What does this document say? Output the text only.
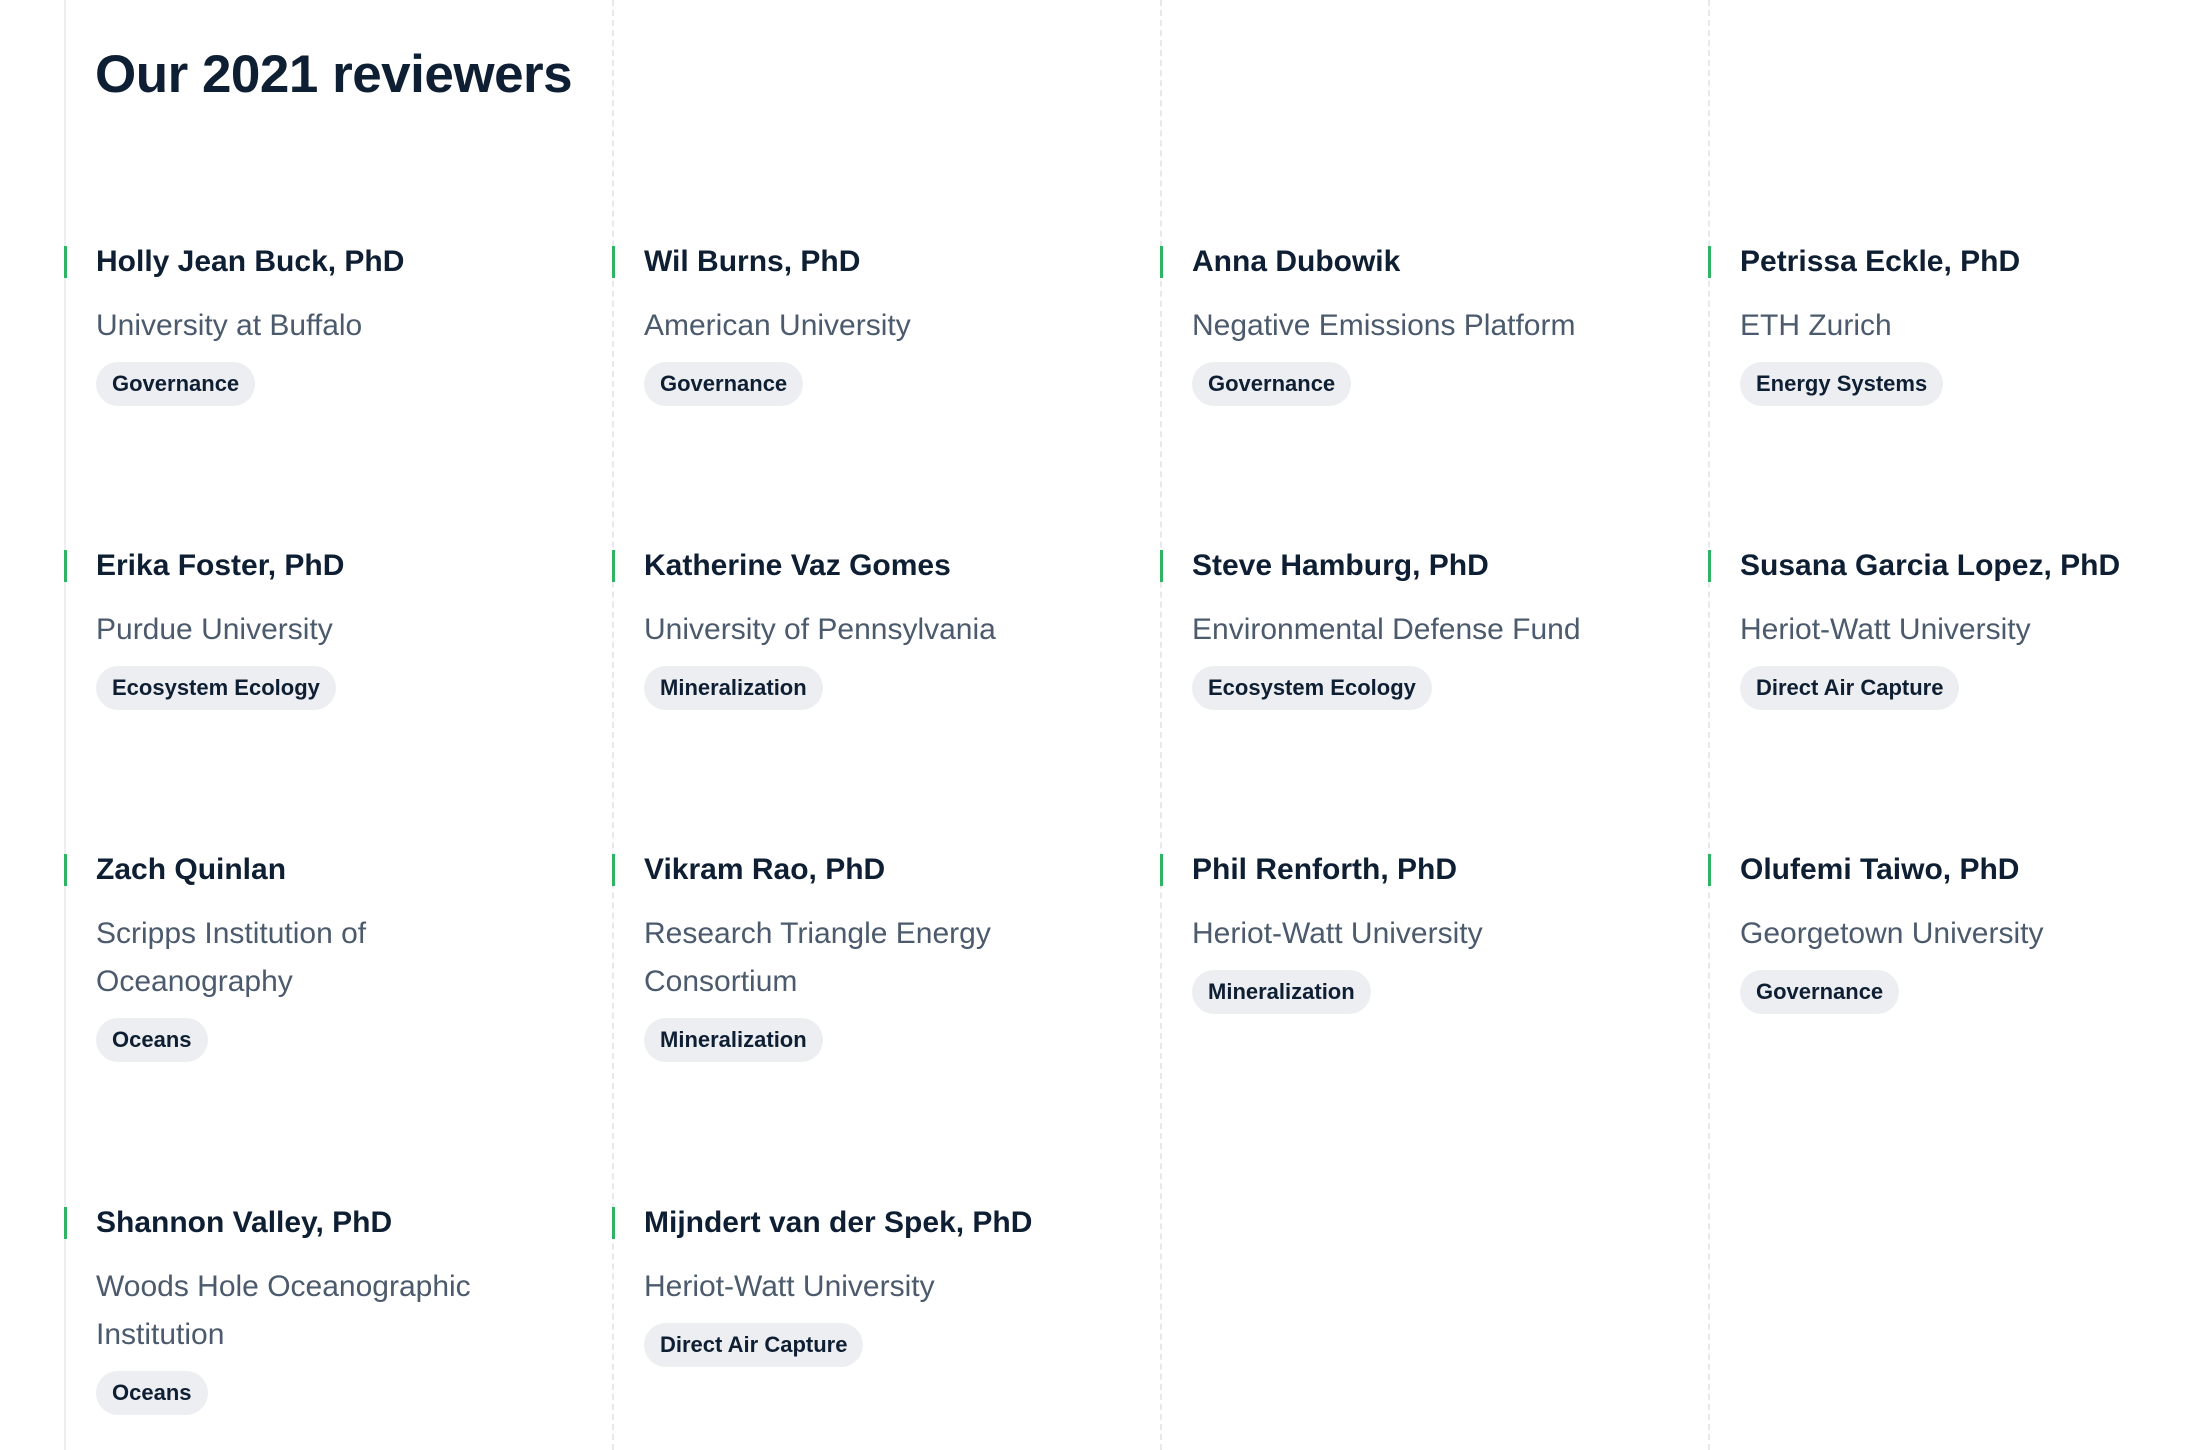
Our 2021 reviewers
Holly Jean Buck, PhD
University at Buffalo
Governance
Wil Burns, PhD
American University
Governance
Anna Dubowik
Negative Emissions Platform
Governance
Petrissa Eckle, PhD
ETH Zurich
Energy Systems
Erika Foster, PhD
Purdue University
Ecosystem Ecology
Katherine Vaz Gomes
University of Pennsylvania
Mineralization
Steve Hamburg, PhD
Environmental Defense Fund
Ecosystem Ecology
Susana Garcia Lopez, PhD
Heriot-Watt University
Direct Air Capture
Zach Quinlan
Scripps Institution of Oceanography
Oceans
Vikram Rao, PhD
Research Triangle Energy Consortium
Mineralization
Phil Renforth, PhD
Heriot-Watt University
Mineralization
Olufemi Taiwo, PhD
Georgetown University
Governance
Shannon Valley, PhD
Woods Hole Oceanographic Institution
Oceans
Mijndert van der Spek, PhD
Heriot-Watt University
Direct Air Capture
